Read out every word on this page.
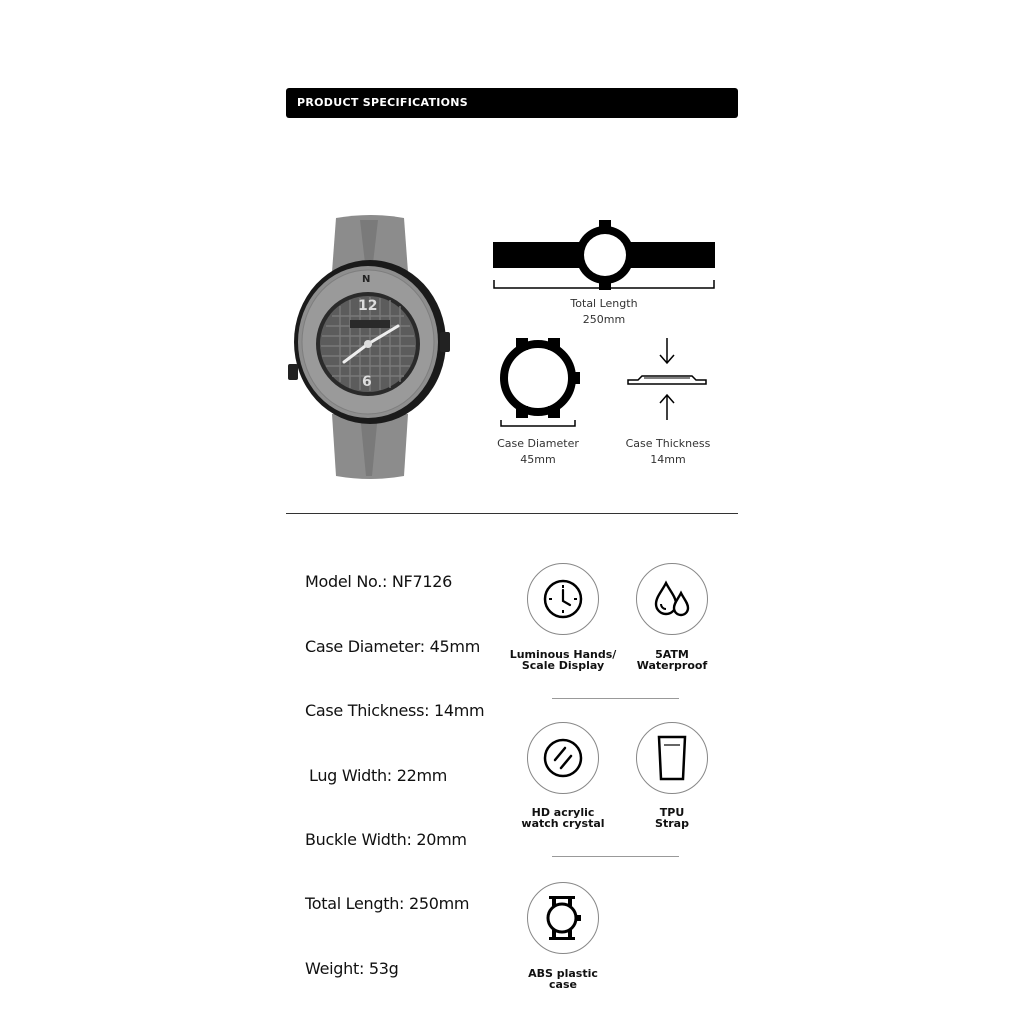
PRODUCT SPECIFICATIONS
N
12
6
Total Length
250mm
Case Diameter
45mm
Case Thickness
14mm
Model No.: NF7126
Case Diameter: 45mm
Case Thickness: 14mm
Lug Width: 22mm
Buckle Width: 20mm
Total Length: 250mm
Weight: 53g
Luminous Hands/
Scale Display
5ATM
Waterproof
HD acrylic
watch crystal
TPU
Strap
ABS plastic
case
